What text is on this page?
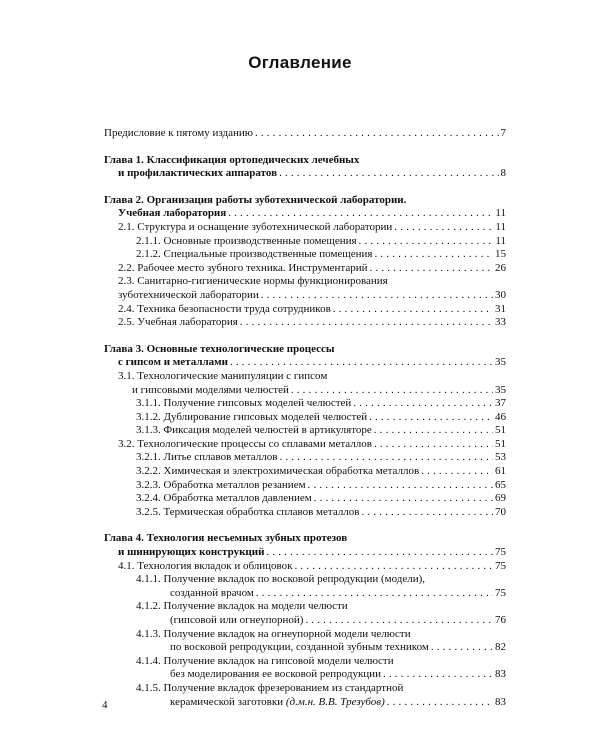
Оглавление
Предисловие к пятому изданию . . .	7
Глава 1. Классификация ортопедических лечебных
и профилактических аппаратов . . .	8
Глава 2. Организация работы зуботехнической лаборатории.
Учебная лаборатория . . .	11
2.1. Структура и оснащение зуботехнической лаборатории . . .	11
2.1.1. Основные производственные помещения . . .	11
2.1.2. Специальные производственные помещения . . .	15
2.2. Рабочее место зубного техника. Инструментарий . . .	26
2.3. Санитарно-гигиенические нормы функционирования
зуботехнической лаборатории . . .	30
2.4. Техника безопасности труда сотрудников . . .	31
2.5. Учебная лаборатория . . .	33
Глава 3. Основные технологические процессы
с гипсом и металлами . . .	35
3.1. Технологические манипуляции с гипсом
и гипсовыми моделями челюстей . . .	35
3.1.1. Получение гипсовых моделей челюстей . . .	37
3.1.2. Дублирование гипсовых моделей челюстей . . .	46
3.1.3. Фиксация моделей челюстей в артикуляторе . . .	51
3.2. Технологические процессы со сплавами металлов . . .	51
3.2.1. Литье сплавов металлов . . .	53
3.2.2. Химическая и электрохимическая обработка металлов . . .	61
3.2.3. Обработка металлов резанием . . .	65
3.2.4. Обработка металлов давлением . . .	69
3.2.5. Термическая обработка сплавов металлов . . .	70
Глава 4. Технология несъемных зубных протезов
и шинирующих конструкций . . .	75
4.1. Технология вкладок и облицовок . . .	75
4.1.1. Получение вкладок по восковой репродукции (модели),
созданной врачом . . .	75
4.1.2. Получение вкладок на модели челюсти
(гипсовой или огнеупорной) . . .	76
4.1.3. Получение вкладок на огнеупорной модели челюсти
по восковой репродукции, созданной зубным техником . . .	82
4.1.4. Получение вкладок на гипсовой модели челюсти
без моделирования ее восковой репродукции . . .	83
4.1.5. Получение вкладок фрезерованием из стандартной
керамической заготовки (д.м.н. В.В. Трезубов) . . .	83
4
